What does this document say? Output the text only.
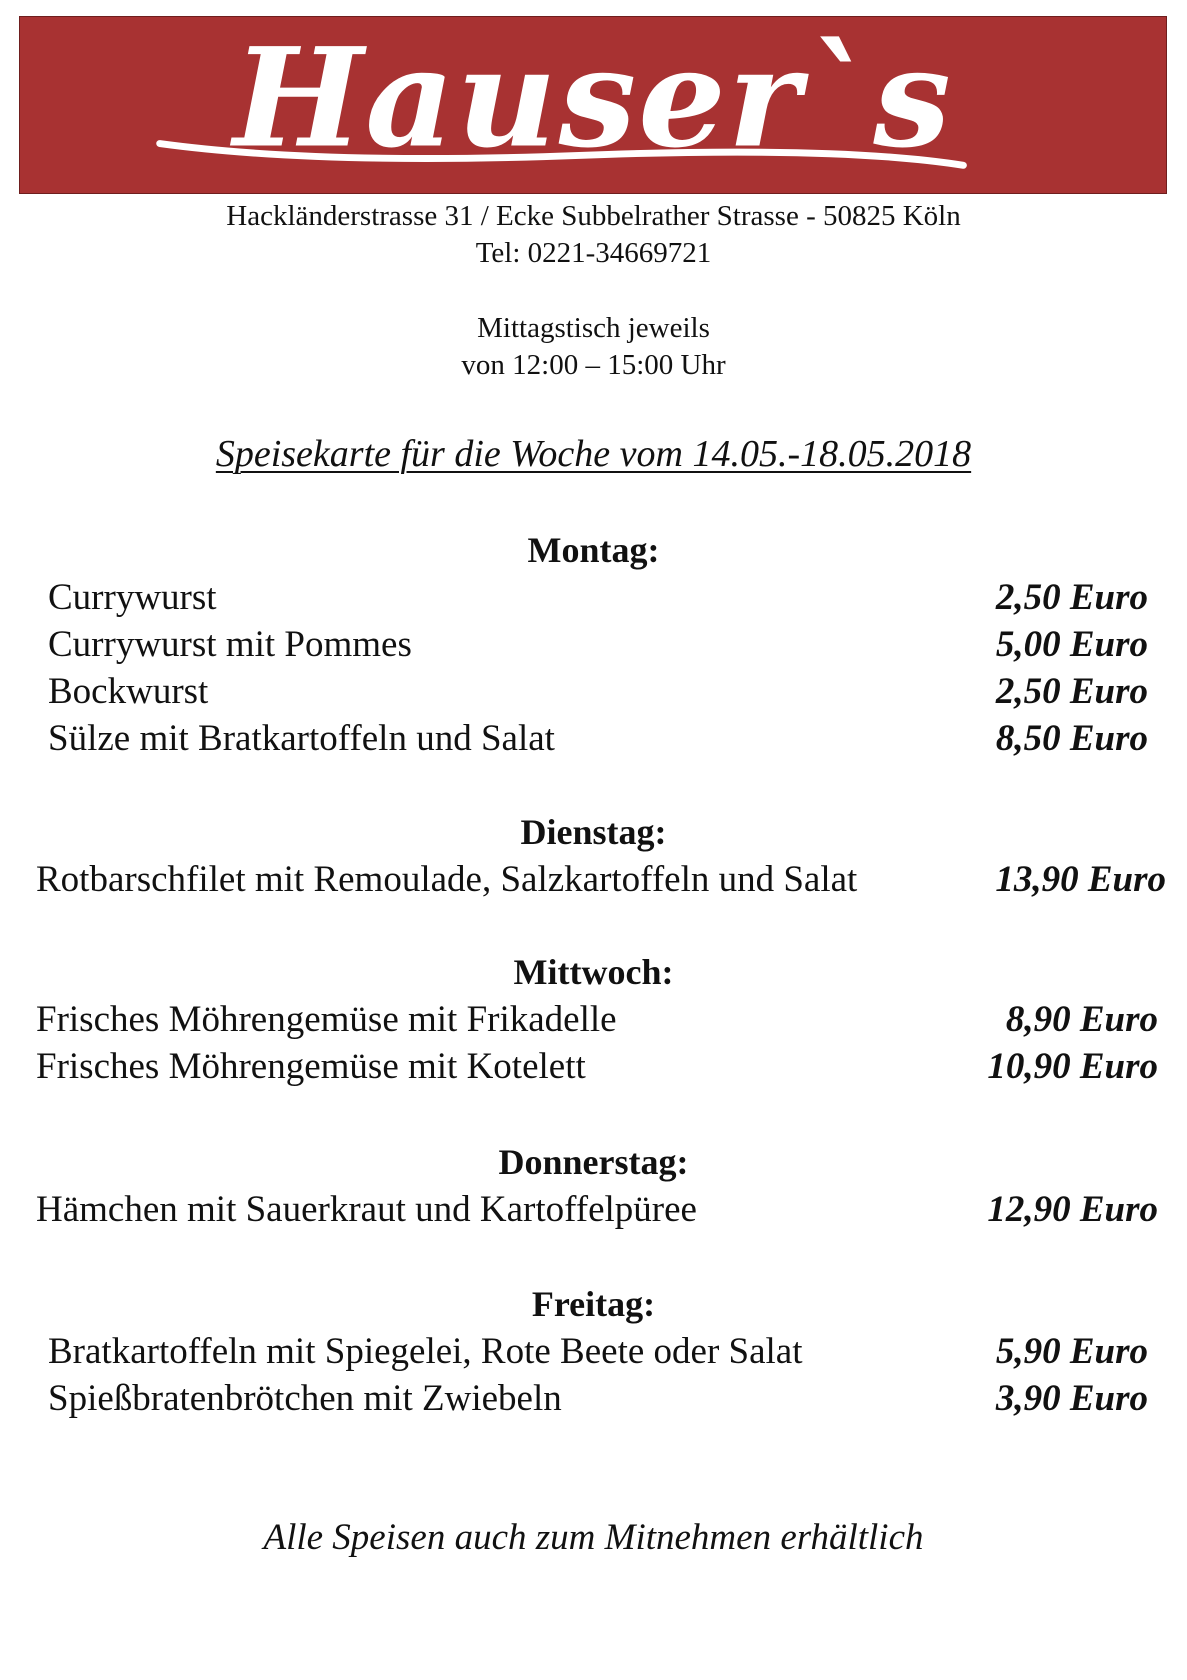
Hauser`s
Hackländerstrasse 31 / Ecke Subbelrather Strasse - 50825 Köln
Tel: 0221-34669721
Mittagstisch jeweils
von 12:00 – 15:00 Uhr
Speisekarte für die Woche vom 14.05.-18.05.2018
Montag:
Currywurst	2,50 Euro
Currywurst mit Pommes	5,00 Euro
Bockwurst	2,50 Euro
Sülze mit Bratkartoffeln und Salat	8,50 Euro
Dienstag:
Rotbarschfilet mit Remoulade, Salzkartoffeln und Salat	13,90 Euro
Mittwoch:
Frisches Möhrengemüse mit Frikadelle	8,90 Euro
Frisches Möhrengemüse mit Kotelett	10,90 Euro
Donnerstag:
Hämchen mit Sauerkraut und Kartoffelpüree	12,90 Euro
Freitag:
Bratkartoffeln mit Spiegelei, Rote Beete oder Salat	5,90 Euro
Spießbratenbrötchen mit Zwiebeln	3,90 Euro
Alle Speisen auch zum Mitnehmen erhältlich
